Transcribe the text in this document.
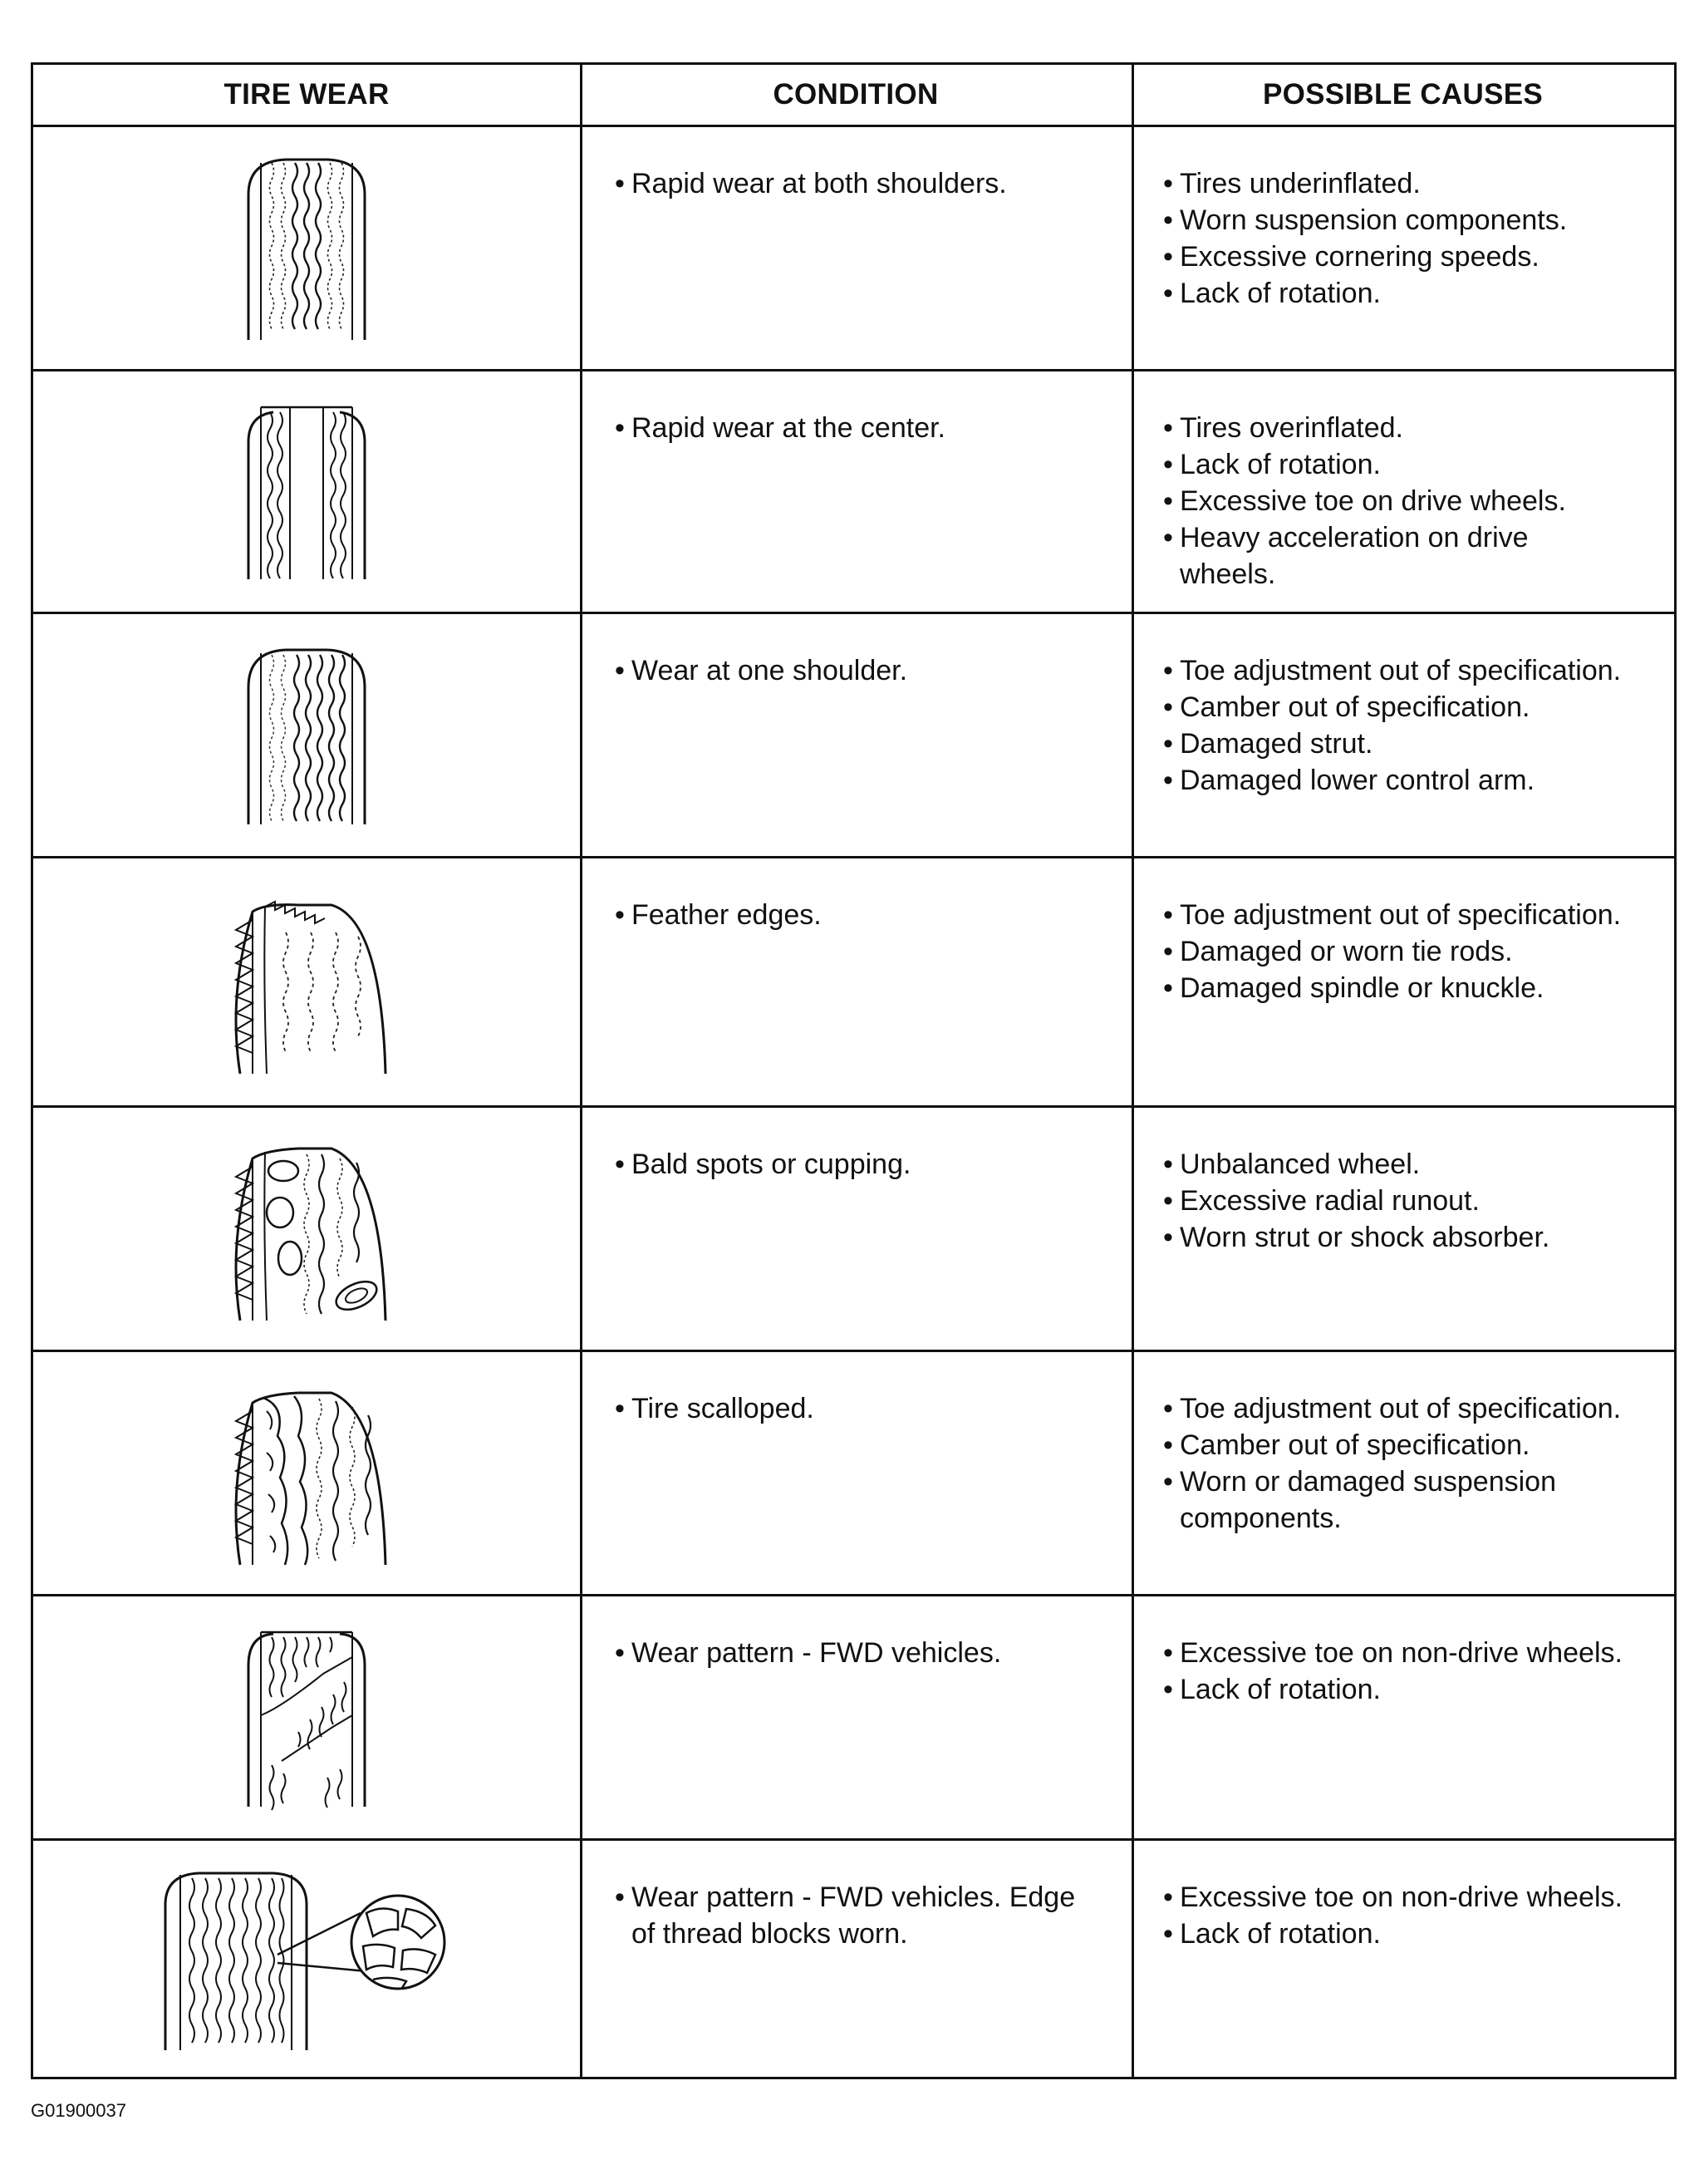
TIRE WEAR	CONDITION	POSSIBLE CAUSES
• Rapid wear at both shoulders.	• Tires underinflated.
• Worn suspension components.
• Excessive cornering speeds.
• Lack of rotation.
• Rapid wear at the center.	• Tires overinflated.
• Lack of rotation.
• Excessive toe on drive wheels.
• Heavy acceleration on drive wheels.
• Wear at one shoulder.	• Toe adjustment out of specification.
• Camber out of specification.
• Damaged strut.
• Damaged lower control arm.
• Feather edges.	• Toe adjustment out of specification.
• Damaged or worn tie rods.
• Damaged spindle or knuckle.
• Bald spots or cupping.	• Unbalanced wheel.
• Excessive radial runout.
• Worn strut or shock absorber.
• Tire scalloped.	• Toe adjustment out of specification.
• Camber out of specification.
• Worn or damaged suspension components.
• Wear pattern - FWD vehicles.	• Excessive toe on non-drive wheels.
• Lack of rotation.
• Wear pattern - FWD vehicles. Edge of thread blocks worn.
• Excessive toe on non-drive wheels.
• Lack of rotation.
G01900037
